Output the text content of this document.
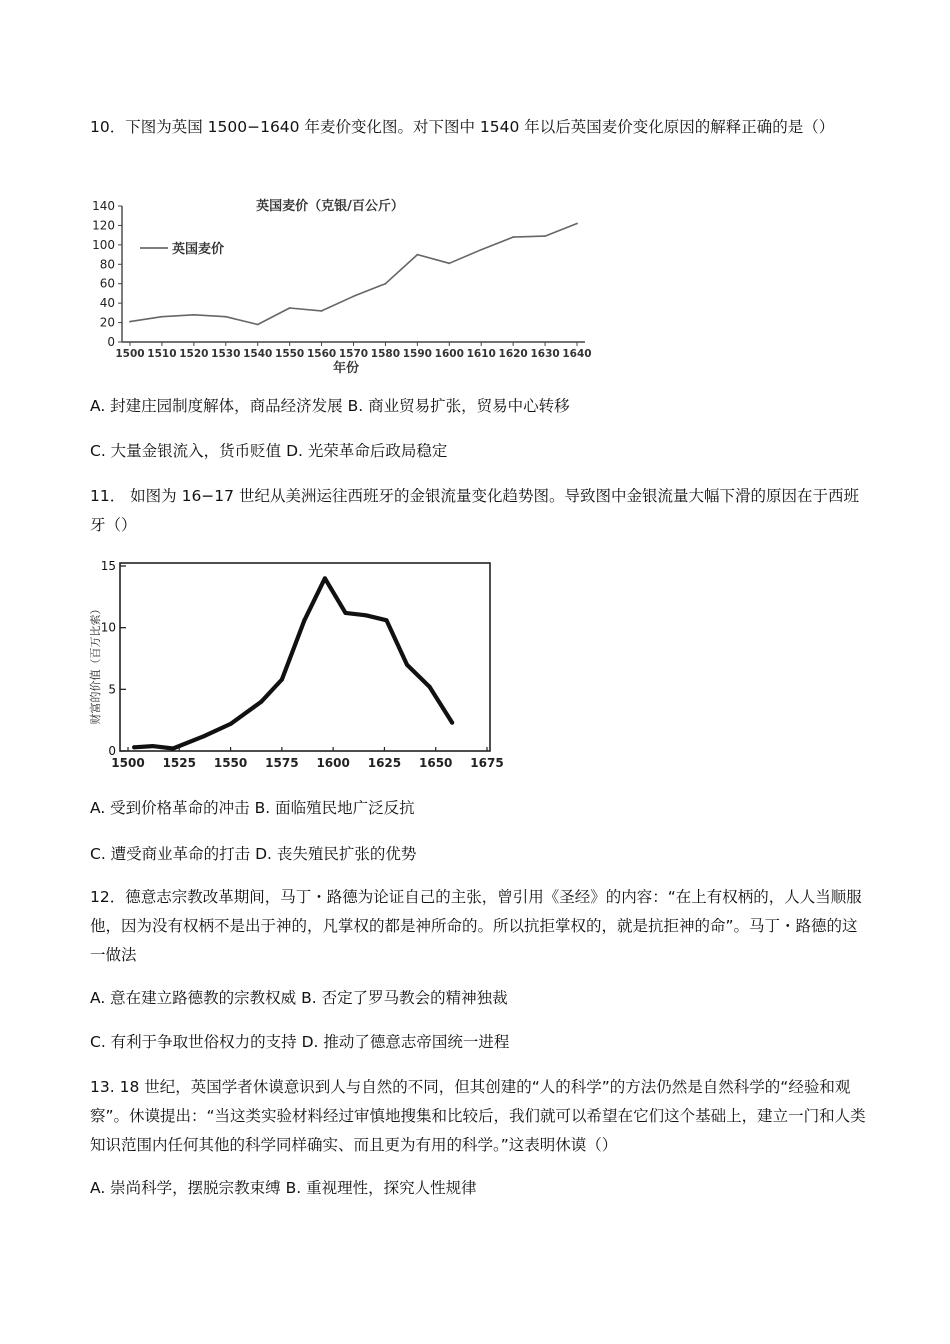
10．下图为英国 1500−1640 年麦价变化图。对下图中 1540 年以后英国麦价变化原因的解释正确的是（）

0
20
40
60
80
100
120
140
1500 1510 1520 1530 1540 1550 1560 1570 1580 1590 1600 1610 1620 1630 1640
英国麦价
英国麦价（克银/百公斤）
年份

A. 封建庄园制度解体，商品经济发展 B. 商业贸易扩张，贸易中心转移

C. 大量金银流入，货币贬值 D. 光荣革命后政局稳定

11． 如图为 16−17 世纪从美洲运往西班牙的金银流量变化趋势图。导致图中金银流量大幅下滑的原因在于西班牙（）

财富的价值（百万比索）
0
5
10
15
1500 1525 1550 1575 1600 1625 1650 1675

A. 受到价格革命的冲击 B. 面临殖民地广泛反抗

C. 遭受商业革命的打击 D. 丧失殖民扩张的优势

12．德意志宗教改革期间，马丁・路德为论证自己的主张，曾引用《圣经》的内容：“在上有权柄的，人人当顺服他，因为没有权柄不是出于神的，凡掌权的都是神所命的。所以抗拒掌权的，就是抗拒神的命”。马丁・路德的这一做法

A. 意在建立路德教的宗教权威 B. 否定了罗马教会的精神独裁

C. 有利于争取世俗权力的支持 D. 推动了德意志帝国统一进程

13. 18 世纪，英国学者休谟意识到人与自然的不同，但其创建的“人的科学”的方法仍然是自然科学的“经验和观察”。休谟提出：“当这类实验材料经过审慎地搜集和比较后，我们就可以希望在它们这个基础上，建立一门和人类知识范围内任何其他的科学同样确实、而且更为有用的科学。”这表明休谟（）

A. 崇尚科学，摆脱宗教束缚 B. 重视理性，探究人性规律
